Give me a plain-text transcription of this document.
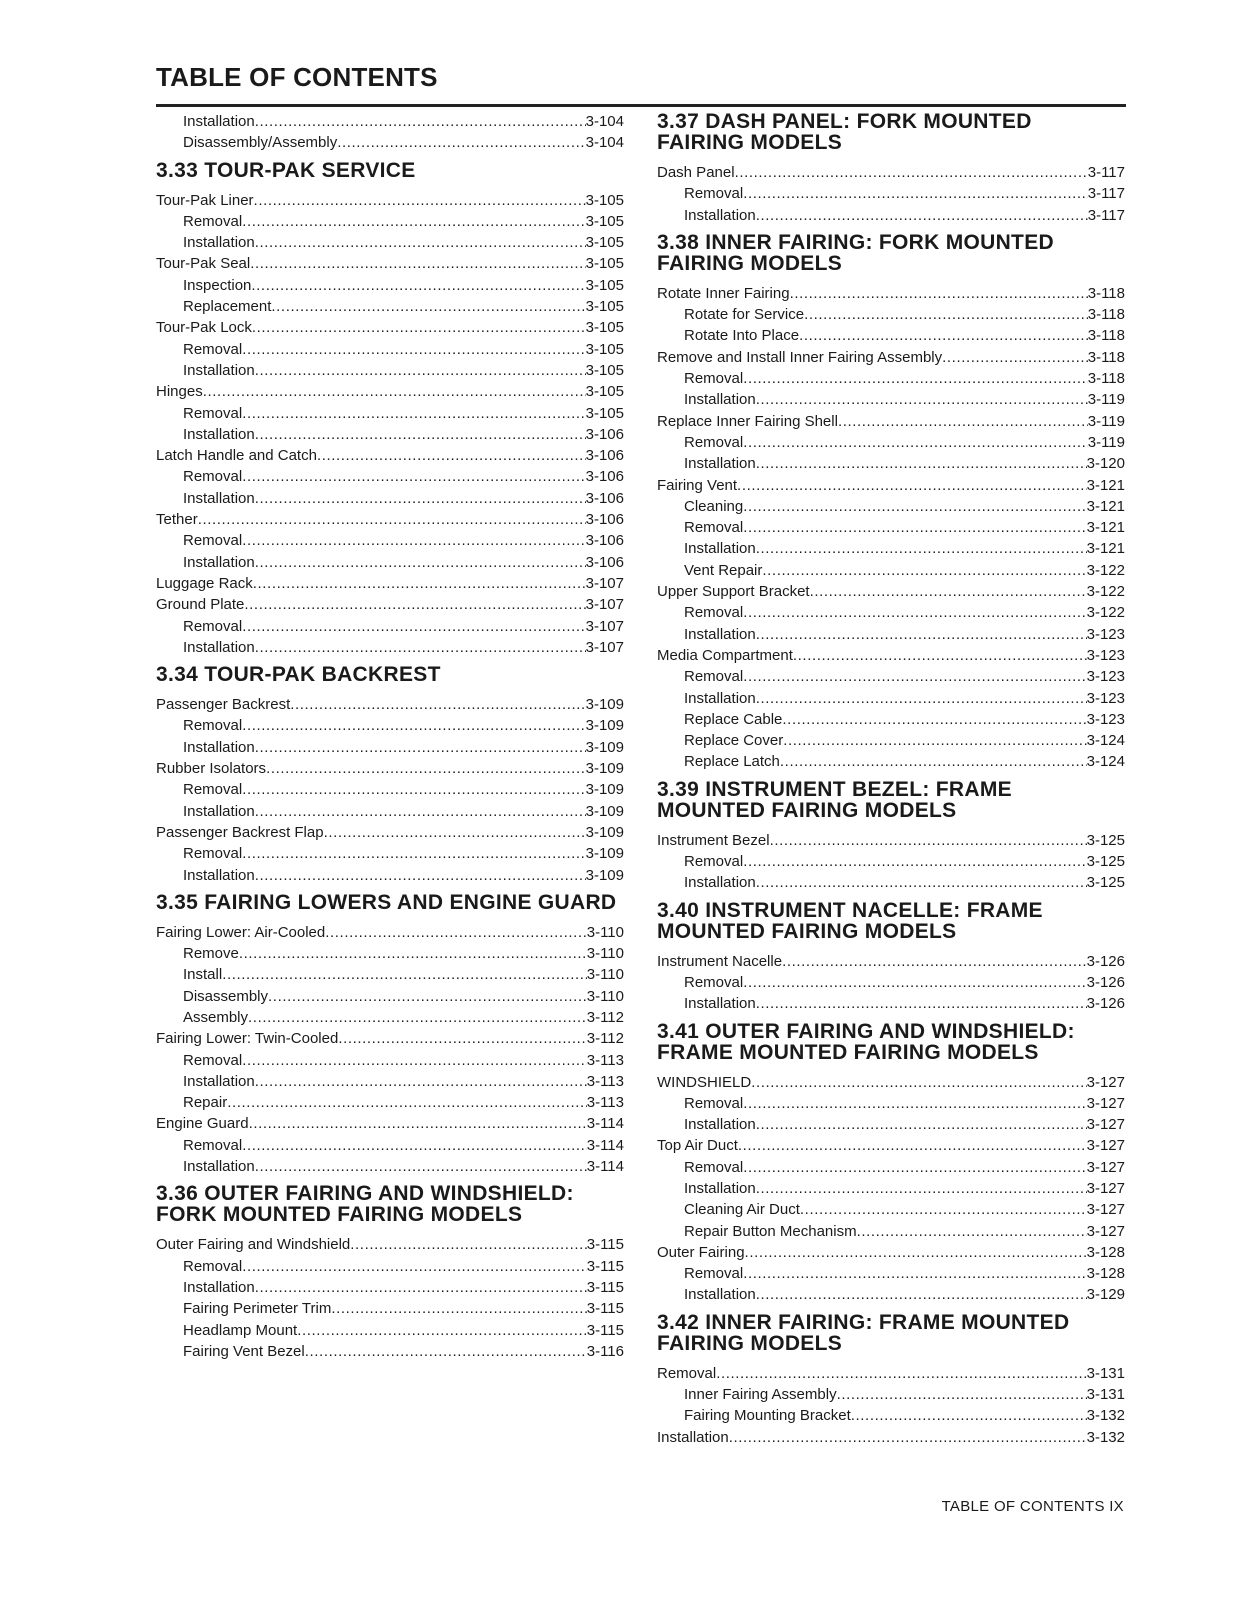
TABLE OF CONTENTS
Installation .....	3-104
Disassembly/Assembly .....	3-104
3.33 TOUR-PAK SERVICE
Tour-Pak Liner .....	3-105
Removal .....	3-105
Installation .....	3-105
Tour-Pak Seal .....	3-105
Inspection .....	3-105
Replacement .....	3-105
Tour-Pak Lock .....	3-105
Removal .....	3-105
Installation .....	3-105
Hinges .....	3-105
Removal .....	3-105
Installation .....	3-106
Latch Handle and Catch .....	3-106
Removal .....	3-106
Installation .....	3-106
Tether .....	3-106
Removal .....	3-106
Installation .....	3-106
Luggage Rack .....	3-107
Ground Plate .....	3-107
Removal .....	3-107
Installation .....	3-107
3.34 TOUR-PAK BACKREST
Passenger Backrest .....	3-109
Removal .....	3-109
Installation .....	3-109
Rubber Isolators .....	3-109
Removal .....	3-109
Installation .....	3-109
Passenger Backrest Flap .....	3-109
Removal .....	3-109
Installation .....	3-109
3.35 FAIRING LOWERS AND ENGINE GUARD
Fairing Lower: Air-Cooled .....	3-110
Remove .....	3-110
Install .....	3-110
Disassembly .....	3-110
Assembly .....	3-112
Fairing Lower: Twin-Cooled .....	3-112
Removal .....	3-113
Installation .....	3-113
Repair .....	3-113
Engine Guard .....	3-114
Removal .....	3-114
Installation .....	3-114
3.36 OUTER FAIRING AND WINDSHIELD: FORK MOUNTED FAIRING MODELS
Outer Fairing and Windshield .....	3-115
Removal .....	3-115
Installation .....	3-115
Fairing Perimeter Trim .....	3-115
Headlamp Mount .....	3-115
Fairing Vent Bezel .....	3-116
3.37 DASH PANEL: FORK MOUNTED FAIRING MODELS
Dash Panel .....	3-117
Removal .....	3-117
Installation .....	3-117
3.38 INNER FAIRING: FORK MOUNTED FAIRING MODELS
Rotate Inner Fairing .....	3-118
Rotate for Service .....	3-118
Rotate Into Place .....	3-118
Remove and Install Inner Fairing Assembly .....	3-118
Removal .....	3-118
Installation .....	3-119
Replace Inner Fairing Shell .....	3-119
Removal .....	3-119
Installation .....	3-120
Fairing Vent .....	3-121
Cleaning .....	3-121
Removal .....	3-121
Installation .....	3-121
Vent Repair .....	3-122
Upper Support Bracket .....	3-122
Removal .....	3-122
Installation .....	3-123
Media Compartment .....	3-123
Removal .....	3-123
Installation .....	3-123
Replace Cable .....	3-123
Replace Cover .....	3-124
Replace Latch .....	3-124
3.39 INSTRUMENT BEZEL: FRAME MOUNTED FAIRING MODELS
Instrument Bezel .....	3-125
Removal .....	3-125
Installation .....	3-125
3.40 INSTRUMENT NACELLE: FRAME MOUNTED FAIRING MODELS
Instrument Nacelle .....	3-126
Removal .....	3-126
Installation .....	3-126
3.41 OUTER FAIRING AND WINDSHIELD: FRAME MOUNTED FAIRING MODELS
WINDSHIELD .....	3-127
Removal .....	3-127
Installation .....	3-127
Top Air Duct .....	3-127
Removal .....	3-127
Installation .....	3-127
Cleaning Air Duct .....	3-127
Repair Button Mechanism .....	3-127
Outer Fairing .....	3-128
Removal .....	3-128
Installation .....	3-129
3.42 INNER FAIRING: FRAME MOUNTED FAIRING MODELS
Removal .....	3-131
Inner Fairing Assembly .....	3-131
Fairing Mounting Bracket .....	3-132
Installation .....	3-132
TABLE OF CONTENTS IX
